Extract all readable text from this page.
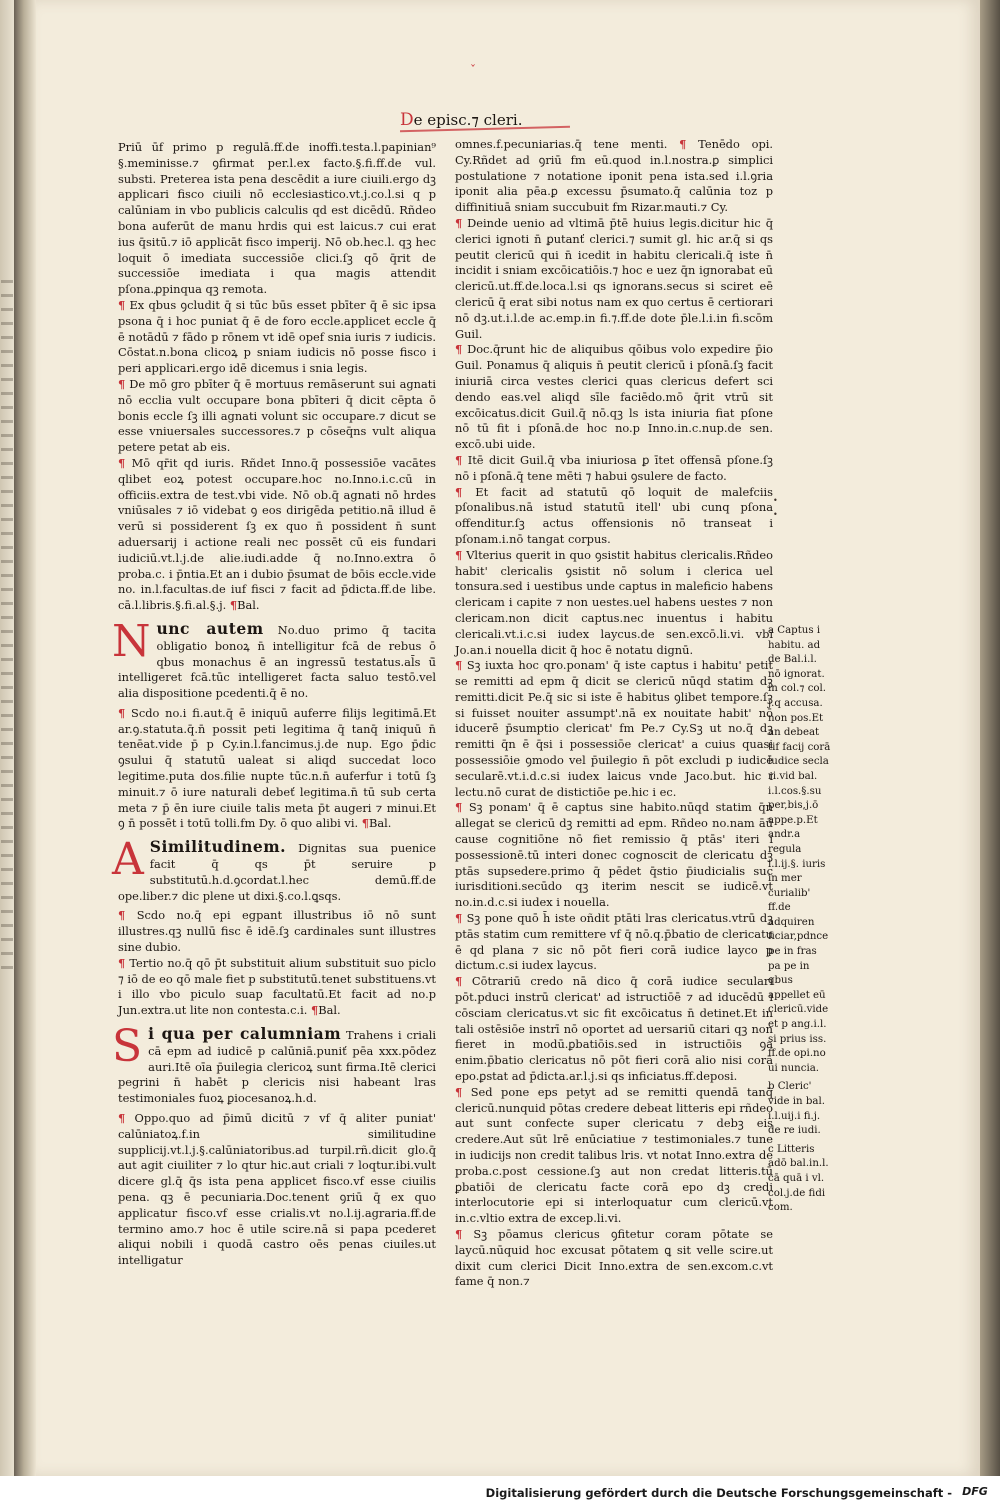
ˇ
De episc.⁊ cleri.

Priū ūf primo p regulā.ff.de inoffi.testa.l.papinian⁹ §.meminisse.⁊ ꝯfirmat per.l.ex facto.§.fi.ff.de vul. substi. Preterea ista pena descēdit a iure ciuili.ergo dꝫ applicari fisco ciuili nō ecclesiastico.vt.j.co.l.si q p calūniam in vbo publicis calculis qd est dicēdū. Rñdeo bona auferūt de manu hrdis qui est laicus.⁊ cui erat ius q̄sitū.⁊ iō applicāt fisco imperij. Nō ob.hec.l. qꝫ hec loquit ō imediata successiōe clici.ſꝫ qō q̄rit de successiōe imediata i qua magis attendit pſona.ꝓpinqua qꝫ remota.

¶ Ex qbus ꝯcludit q̄ si tūc būs esset pbīter q̄ ē sic ipsa psona q̄ i hoc puniat q̄ ē de foro eccle.applicet eccle q̄ ē notādū ⁊ fādo p rōnem vt idē opef snia iuris ⁊ iudicis. Cōstat.n.bona clicoꝝ p sniam iudicis nō posse fisco i peri applicari.ergo idē dicemus i snia legis.

¶ De mō gro pbīter q̄ ē mortuus remāserunt sui agnati nō ecclia vult occupare bona pbīteri q̄ dicit cēpta ō bonis eccle ſꝫ illi agnati volunt sic occupare.⁊ dicut se esse vniuersales successores.⁊ p cōseq̄ns vult aliqua petere petat ab eis.

¶ Mō qr̄it qd iuris. Rñdet Inno.q̄ possessiōe vacātes qlibet eoꝝ potest occupare.hoc no.Inno.i.c.cū in officiis.extra de test.vbi vide. Nō ob.q̄ agnati nō hrdes vniūsales ⁊ iō videbat ꝯ eos dirigēda petitio.nā illud ē verū si possiderent ſꝫ ex quo n̄ possident n̄ sunt aduersarij i actione reali nec possēt cū eis fundari iudiciū.vt.l.j.de alie.iudi.adde q̄ no.Inno.extra ō proba.c. i p̄ntia.Et an i dubio p̄sumat de bōis eccle.vide no. in.l.facultas.de iuf fisci ⁊ facit ad p̄dicta.ff.de libe. cā.l.libris.§.fi.al.§.j. ¶Bal.

N unc autem No.duo primo q̄ tacita obligatio bonoꝝ n̄ intelligitur fcā de rebus ō qbus monachus ē an ingressū testatus.al̄s ū̄ intelligeret fcā.tūc intelligeret facta saluo testō.vel alia dispositione pcedenti.q̄ ē no.

¶ Scdo no.i fi.aut.q̄ ē iniquū auferre filijs legitimā.Et ar.ꝯ.statuta.q̄.n̄ possit peti legitima q̄ tanq̄ iniquū n̄ tenēat.vide p̄ p Cy.in.l.fancimus.j.de nup. Ego p̄dic ꝯsului q̄ statutū ualeat si aliqd succedat loco legitime.puta dos.filie nupte tūc.n.n̄ auferfur i totū ſꝫ minuit.⁊ ō iure naturali debeť legitima.n̄ tū sub certa meta ⁊ p̄ ēn iure ciuile talis meta p̄t augeri ⁊ minui.Et ꝯ n̄ possēt i totū tolli.fm Dy. ō quo alibi vi. ¶Bal.

A Similitudinem. Dignitas sua puenice facit q̄ qs p̄t seruire p substitutū.h.d.ꝯcordat.l.hec demū.ff.de ope.liber.⁊ dic plene ut dixi.§.co.l.ꝗsqs.

¶ Scdo no.q̄ epi egpant illustribus iō nō sunt illustres.qꝫ nullū fisc ē idē.ſꝫ cardinales sunt illustres sine dubio.

¶ Tertio no.q̄ qō p̄t substituit alium substituit suo piclo ⁊ iō de eo qō male fiet p substitutū.tenet substituens.vt i illo vbo piculo suap facultatū.Et facit ad no.p Jun.extra.ut lite non contesta.c.i. ¶Bal.

S i qua per calumniam Trahens i criali cā epm ad iudicē p calūniā.puniť pēa xxx.pōdez auri.Itē oīa p̄uilegia clericoꝝ sunt firma.Itē clerici pegrini n̄ habēt p clericis nisi habeant lras testimoniales fuoꝝ ꝑiocesanoꝝ.h.d.

¶ Oppo.quo ad p̄imū dicitū ⁊ vf q̄ aliter puniat' calūniatoꝝ.f.in similitudine supplicij.vt.l.j.§.calūniatoribus.ad turpil.rñ.dicit glo.q̄ aut agit ciuiliter ⁊ lo qtur hic.aut criali ⁊ loqtur.ibi.vult dicere gl.q̄ q̄s ista pena applicet fisco.vf esse ciuilis pena. qꝫ ē pecuniaria.Doc.tenent ꝯriū q̄ ex quo applicatur fisco.vf esse crialis.vt no.l.ij.agraria.ff.de termino amo.⁊ hoc ē utile scire.nā si papa pcederet aliqui nobili i quodā castro oēs penas ciuiles.ut intelligatur

omnes.f.pecuniarias.q̄ tene menti. ¶ Tenēdo opi. Cy.Rñdet ad ꝯriū fm eū.quod in.l.nostra.ꝑ simplici postulatione ⁊ notatione iponit pena ista.sed i.l.ꝯria iponit alia pēa.ꝑ excessu p̄sumato.q̄ calūnia toz p diffinitiuā sniam succubuit fm Rizar.mauti.⁊ Cy.

¶ Deinde uenio ad vltimā p̄tē huius legis.dicitur hic q̄ clerici ignoti n̄ ꝑutanť clerici.⁊ sumit gl. hic ar.q̄ si qs peutit clericū qui n̄ icedit in habitu clericali.q̄ iste n̄ incidit i sniam excōicatiōis.⁊ hoc e uez q̄n ignorabat eū clericū.ut.ff.de.loca.l.si qs ignorans.secus si sciret eē clericū q̄ erat sibi notus nam ex quo certus ē certiorari nō dꝫ.ut.i.l.de ac.emp.in fi.⁊.ff.de dote p̄le.l.i.in fi.scōm Guil.

¶ Doc.q̄runt hic de aliquibus qōibus volo expedire p̄io Guil. Ponamus q̄ aliquis n̄ peutit clericū i pſonā.ſꝫ facit iniuriā circa vestes clerici quas clericus defert sci dendo eas.vel aliqd sīle faciēdo.mō q̄rit vtrū sit excōicatus.dicit Guil.q̄ nō.qꝫ ls ista iniuria fiat pſone nō tū fit i pſonā.de hoc no.p Inno.in.c.nup.de sen. excō.ubi uide.

¶ Itē dicit Guil.q̄ vba iniuriosa ꝑ ītet offensā pſone.ſꝫ nō i pſonā.q̄ tene mēti ⁊ habui ꝯsulere de facto.

¶ Et facit ad statutū qō loquit de malefciis pſonalibus.nā istud statutū itell' ubi cunq pſona offenditur.ſꝫ actus offensionis nō transeat i pſonam.i.nō tangat corpus.

¶ Vlterius querit in quo ꝯsistit habitus clericalis.Rñdeo habit' clericalis ꝯsistit nō solum i clerica uel tonsura.sed i uestibus unde captus in maleficio habens clericam i capite ⁊ non uestes.uel habens uestes ⁊ non clericam.non dicit captus.nec inuentus i habitu clericali.vt.i.c.si iudex laycus.de sen.excō.li.vi. vbi Jo.an.i nouella dicit q̄ hoc ē notatu dignū.

¶ Sꝫ iuxta hoc qro.ponam' q̄ iste captus i habitu' petit se remitti ad epm q̄ dicit se clericū nūqd statim dꝫ remitti.dicit Pe.q̄ sic si iste ē habitus ꝯlibet tempore.ſꝫ si fuisset nouiter assumpt'.nā ex nouitate habit' nō iducerē p̄sumptio clericat' fm Pe.⁊ Cy.Sꝫ ut no.q̄ dꝫ remitti q̄n ē q̄si i possessiōe clericat' a cuius quasi possessiōie ꝯmodo vel p̄uilegio n̄ pōt excludi p iudicē secularē.vt.i.d.c.si iudex laicus vnde Jaco.but. hic i lectu.nō curat de distictiōe pe.hic i ec.

¶ Sꝫ ponam' q̄ ē captus sine habito.nūqd statim q̄n allegat se clericū dꝫ remitti ad epm. Rñdeo no.nam āū cause cognitiōne nō fiet remissio q̄ ptās' iteri i possessionē.tū interi donec cognoscit de clericatu dꝫ ptās supsedere.primo q̄ pēdet q̄stio p̄iudicialis suc iurisditioni.secūdo qꝫ iterim nescit se iudicē.vt no.in.d.c.si iudex i nouella.

¶ Sꝫ pone quō h̄ iste oñdit ptāti lras clericatus.vtrū dꝫ ptās statim cum remittere vf q̄ nō.q.p̄batio de clericatu ē qd plana ⁊ sic nō pōt fieri corā iudice layco p dictum.c.si iudex laycus.

¶ Cōtrariū credo nā dico q̄ corā iudice seculari pōt.pduci instrū clericat' ad istructiōē ⁊ ad iducēdū i cōsciam clericatus.vt sic fit excōicatus n̄ detinet.Et in tali ostēsiōe instrī nō oportet ad uersariū citari qꝫ non fieret in modū.ꝑbatiōis.sed in istructiōis ꝯa enim.p̄batio clericatus nō pōt fieri corā alio nisi corā epo.ꝑstat ad p̄dicta.ar.l.j.si qs inficiatus.ff.deposi.

¶ Sed pone eps petyt ad se remitti quendā tanq̄ clericū.nunquid pōtas credere debeat litteris epi rñdeo aut sunt confecte super clericatu ⁊ debꝫ eis credere.Aut sūt lrē enūciatiue ⁊ testimoniales.⁊ tune in iudicijs non credit talibus lris. vt notat Inno.extra de proba.c.post cessione.ſꝫ aut non credat litteris.tū ꝑbatiōi de clericatu facte corā epo dꝫ credi interlocutorie epi si interloquatur cum clericū.vt in.c.vltio extra de excep.li.vi.

¶ Sꝫ pōamus clericus ꝯfitetur coram pōtate se laycū.nūquid hoc excusat pōtatem ꝗ sit velle scire.ut dixit cum clerici Dicit Inno.extra de sen.excom.c.vt fame q̄ non.⁊

•
•

a Captus i habitu. ad de Bal.i.l. nō ignorat. in col.⁊ col. j.q accusa. non pos.Et an debeat tif facij corā iudice secla ri.vid bal. i.l.cos.§.su per,bis,j.ō appe.p.Et andr.a regula i.l.ij.§. iuris in mer curialib' ff.de adquiren ficiar,pdnce pe in fras pa pe in qbus appellet eū clericū.vide et p ang.i.l. si prius iss. ff.de opi.no ui nuncia.

b Cleric' vide in bal. i.l.uij.i fi.j. de re iudi.

c Litteris adō bal.in.l. cā quā i vl. col.j.de fidi com.

Digitalisierung gefördert durch die Deutsche Forschungsgemeinschaft - DFG
